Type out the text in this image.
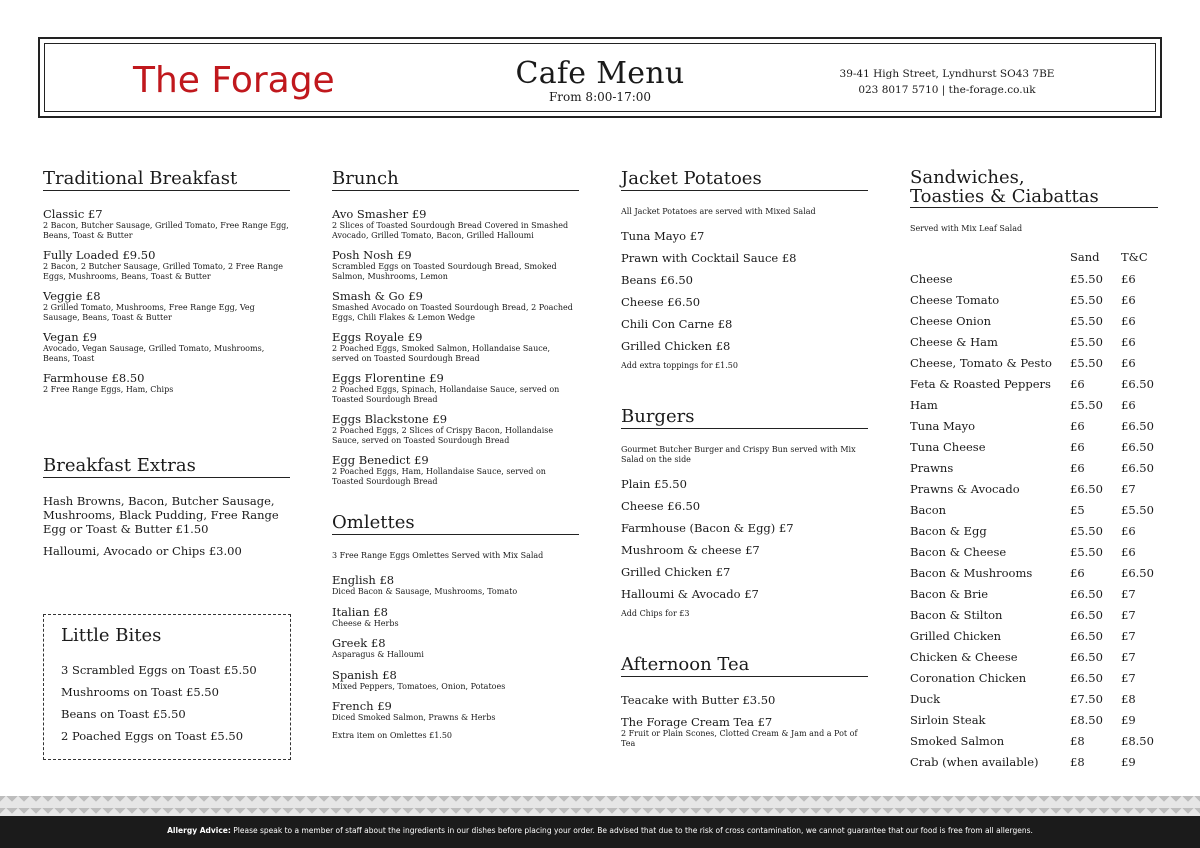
The Forage	Cafe Menu
From 8:00-17:00
39-41 High Street, Lyndhurst SO43 7BE
023 8017 5710 | the-forage.co.uk
Traditional Breakfast
Classic £7
2 Bacon, Butcher Sausage, Grilled Tomato, Free Range Egg, Beans, Toast & Butter
Fully Loaded £9.50
2 Bacon, 2 Butcher Sausage, Grilled Tomato, 2 Free Range Eggs, Mushrooms, Beans, Toast & Butter
Veggie £8
2 Grilled Tomato, Mushrooms, Free Range Egg, Veg Sausage, Beans, Toast & Butter
Vegan £9
Avocado, Vegan Sausage, Grilled Tomato, Mushrooms, Beans, Toast
Farmhouse £8.50
2 Free Range Eggs, Ham, Chips
Breakfast Extras
Hash Browns, Bacon, Butcher Sausage, Mushrooms, Black Pudding, Free Range Egg or Toast & Butter £1.50
Halloumi, Avocado or Chips £3.00
Little Bites
3 Scrambled Eggs on Toast £5.50
Mushrooms on Toast £5.50
Beans on Toast £5.50
2 Poached Eggs on Toast £5.50
Brunch
Avo Smasher £9
2 Slices of Toasted Sourdough Bread Covered in Smashed Avocado, Grilled Tomato, Bacon, Grilled Halloumi
Posh Nosh £9
Scrambled Eggs on Toasted Sourdough Bread, Smoked Salmon, Mushrooms, Lemon
Smash & Go £9
Smashed Avocado on Toasted Sourdough Bread, 2 Poached Eggs, Chili Flakes & Lemon Wedge
Eggs Royale £9
2 Poached Eggs, Smoked Salmon, Hollandaise Sauce, served on Toasted Sourdough Bread
Eggs Florentine £9
2 Poached Eggs, Spinach, Hollandaise Sauce, served on Toasted Sourdough Bread
Eggs Blackstone £9
2 Poached Eggs, 2 Slices of Crispy Bacon, Hollandaise Sauce, served on Toasted Sourdough Bread
Egg Benedict £9
2 Poached Eggs, Ham, Hollandaise Sauce, served on Toasted Sourdough Bread
Omlettes
3 Free Range Eggs Omlettes Served with Mix Salad
English £8
Diced Bacon & Sausage, Mushrooms, Tomato
Italian £8
Cheese & Herbs
Greek £8
Asparagus & Halloumi
Spanish £8
Mixed Peppers, Tomatoes, Onion, Potatoes
French £9
Diced Smoked Salmon, Prawns & Herbs
Extra item on Omlettes £1.50
Jacket Potatoes
All Jacket Potatoes are served with Mixed Salad
Tuna Mayo £7
Prawn with Cocktail Sauce £8
Beans £6.50
Cheese £6.50
Chili Con Carne £8
Grilled Chicken £8
Add extra toppings for £1.50
Burgers
Gourmet Butcher Burger and Crispy Bun served with Mix Salad on the side
Plain £5.50
Cheese £6.50
Farmhouse (Bacon & Egg) £7
Mushroom & cheese £7
Grilled Chicken £7
Halloumi & Avocado £7
Add Chips for £3
Afternoon Tea
Teacake with Butter £3.50
The Forage Cream Tea £7
2 Fruit or Plain Scones, Clotted Cream & Jam and a Pot of Tea
Sandwiches,
Toasties & Ciabattas
Served with Mix Leaf Salad
	Sand	T&C
Cheese	£5.50	£6
Cheese Tomato	£5.50	£6
Cheese Onion	£5.50	£6
Cheese & Ham	£5.50	£6
Cheese, Tomato & Pesto	£5.50	£6
Feta & Roasted Peppers	£6	£6.50
Ham	£5.50	£6
Tuna Mayo	£6	£6.50
Tuna Cheese	£6	£6.50
Prawns	£6	£6.50
Prawns & Avocado	£6.50	£7
Bacon	£5	£5.50
Bacon & Egg	£5.50	£6
Bacon & Cheese	£5.50	£6
Bacon & Mushrooms	£6	£6.50
Bacon & Brie	£6.50	£7
Bacon & Stilton	£6.50	£7
Grilled Chicken	£6.50	£7
Chicken & Cheese	£6.50	£7
Coronation Chicken	£6.50	£7
Duck	£7.50	£8
Sirloin Steak	£8.50	£9
Smoked Salmon	£8	£8.50
Crab (when available)	£8	£9
Allergy Advice: Please speak to a member of staff about the ingredients in our dishes before placing your order. Be advised that due to the risk of cross contamination, we cannot guarantee that our food is free from all allergens.
